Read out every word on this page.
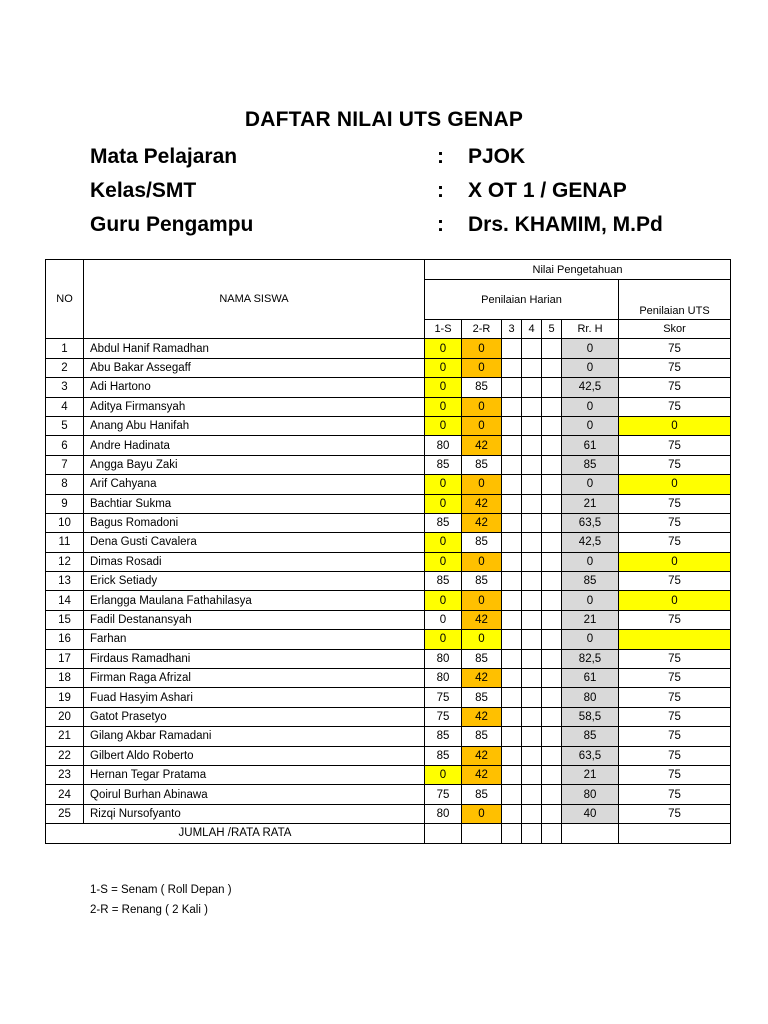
DAFTAR NILAI UTS GENAP
Mata Pelajaran	: PJOK
Kelas/SMT	: X OT 1 / GENAP
Guru Pengampu	: Drs. KHAMIM, M.Pd
NO	NAMA SISWA	Nilai Pengetahuan						
		Penilaian Harian						Penilaian UTS
		1-S	2-R	3	4	5	Rr. H	Skor
1	Abdul Hanif Ramadhan	0	0				0	75
2	Abu Bakar Assegaff	0	0				0	75
3	Adi Hartono	0	85				42,5	75
4	Aditya Firmansyah	0	0				0	75
5	Anang Abu Hanifah	0	0				0	0
6	Andre Hadinata	80	42				61	75
7	Angga Bayu Zaki	85	85				85	75
8	Arif Cahyana	0	0				0	0
9	Bachtiar Sukma	0	42				21	75
10	Bagus Romadoni	85	42				63,5	75
11	Dena Gusti Cavalera	0	85				42,5	75
12	Dimas Rosadi	0	0				0	0
13	Erick Setiady	85	85				85	75
14	Erlangga Maulana Fathahilasya	0	0				0	0
15	Fadil Destanansyah	0	42				21	75
16	Farhan	0	0				0	
17	Firdaus Ramadhani	80	85				82,5	75
18	Firman Raga Afrizal	80	42				61	75
19	Fuad Hasyim Ashari	75	85				80	75
20	Gatot Prasetyo	75	42				58,5	75
21	Gilang Akbar Ramadani	85	85				85	75
22	Gilbert Aldo Roberto	85	42				63,5	75
23	Hernan Tegar Pratama	0	42				21	75
24	Qoirul Burhan Abinawa	75	85				80	75
25	Rizqi Nursofyanto	80	0				40	75
JUMLAH /RATA RATA								
1-S = Senam ( Roll Depan )
2-R = Renang ( 2 Kali )
